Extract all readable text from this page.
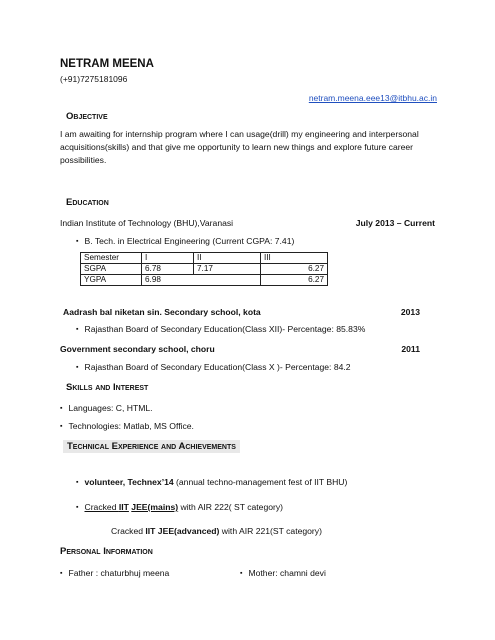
NETRAM MEENA
(+91)7275181096
netram.meena.eee13@itbhu.ac.in
Objective
I am awaiting for internship program where I can usage(drill) my engineering and interpersonal acquisitions(skills) and that give me opportunity to learn new things and explore future career possibilities.
Education
Indian Institute of Technology (BHU),Varanasi	July 2013 – Current
▪ B. Tech. in Electrical Engineering (Current CGPA: 7.41)
Semester	I	II	III
SGPA	6.78	7.17	6.27
YGPA	6.98		6.27
Aadrash bal niketan sin. Secondary school, kota	2013
▪ Rajasthan Board of Secondary Education(Class XII)- Percentage: 85.83%
Government secondary school, choru	2011
▪ Rajasthan Board of Secondary Education(Class X )- Percentage: 84.2
Skills and Interest
▪ Languages: C, HTML.
▪ Technologies: Matlab, MS Office.
Technical Experience and Achievements
▪ volunteer, Technex’14 (annual techno-management fest of IIT BHU)
▪ Cracked IIT JEE(mains) with AIR 222( ST category)
Cracked IIT JEE(advanced) with AIR 221(ST category)
Personal Information
▪ Father : chaturbhuj meena	▪ Mother: chamni devi
